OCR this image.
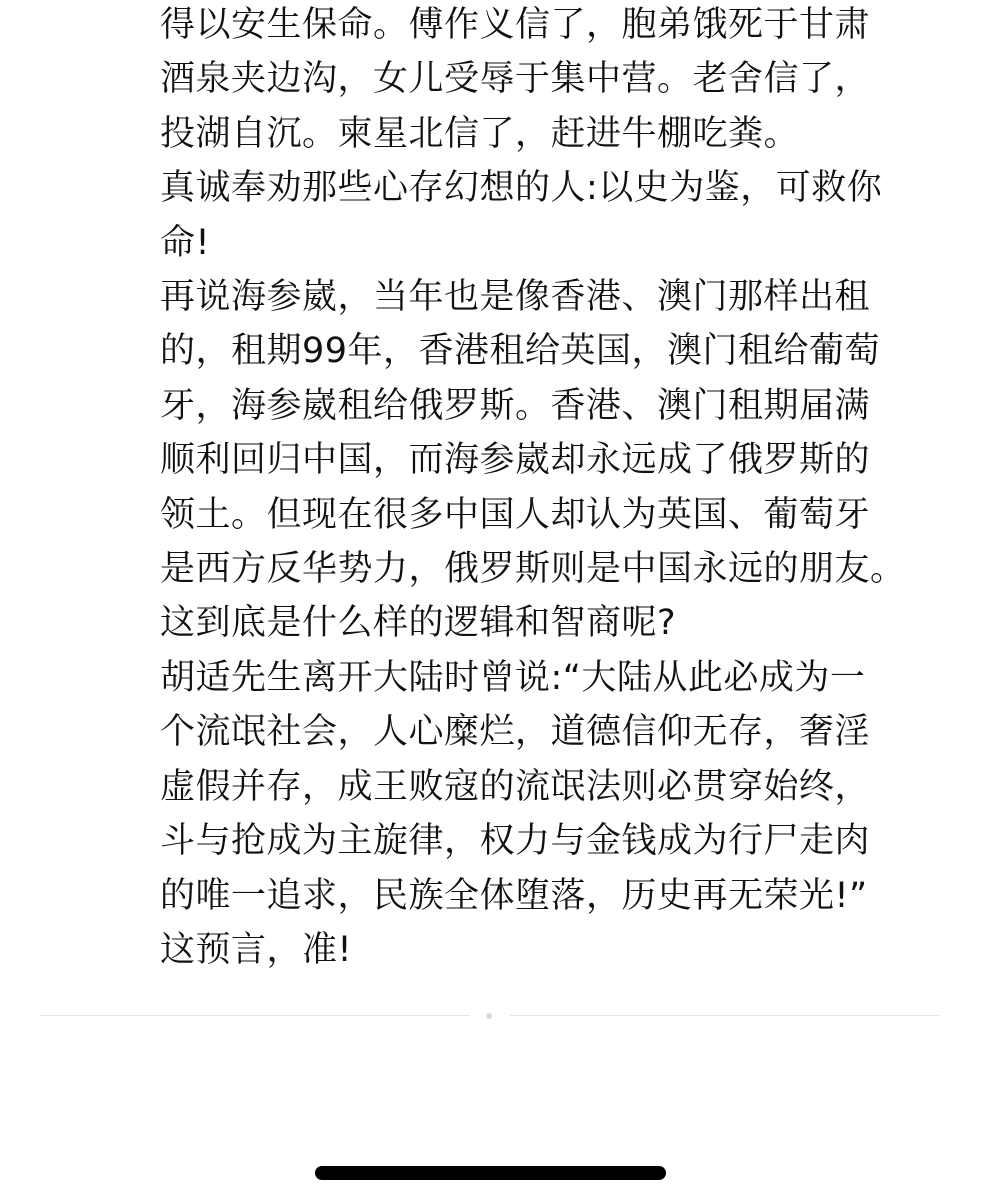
得以安生保命。傅作义信了，胞弟饿死于甘肃
酒泉夹边沟，女儿受辱于集中营。老舍信了，
投湖自沉。柬星北信了，赶进牛棚吃粪。
真诚奉劝那些心存幻想的人:以史为鉴，可救你
命!
再说海参崴，当年也是像香港、澳门那样出租
的，租期99年，香港租给英国，澳门租给葡萄
牙，海参崴租给俄罗斯。香港、澳门租期届满
顺利回归中国，而海参崴却永远成了俄罗斯的
领土。但现在很多中国人却认为英国、葡萄牙
是西方反华势力，俄罗斯则是中国永远的朋友。
这到底是什么样的逻辑和智商呢?
胡适先生离开大陆时曾说:“大陆从此必成为一
个流氓社会，人心糜烂，道德信仰无存，奢淫
虚假并存，成王败寇的流氓法则必贯穿始终，
斗与抢成为主旋律，权力与金钱成为行尸走肉
的唯一追求，民族全体堕落，历史再无荣光!”
这预言，准!
